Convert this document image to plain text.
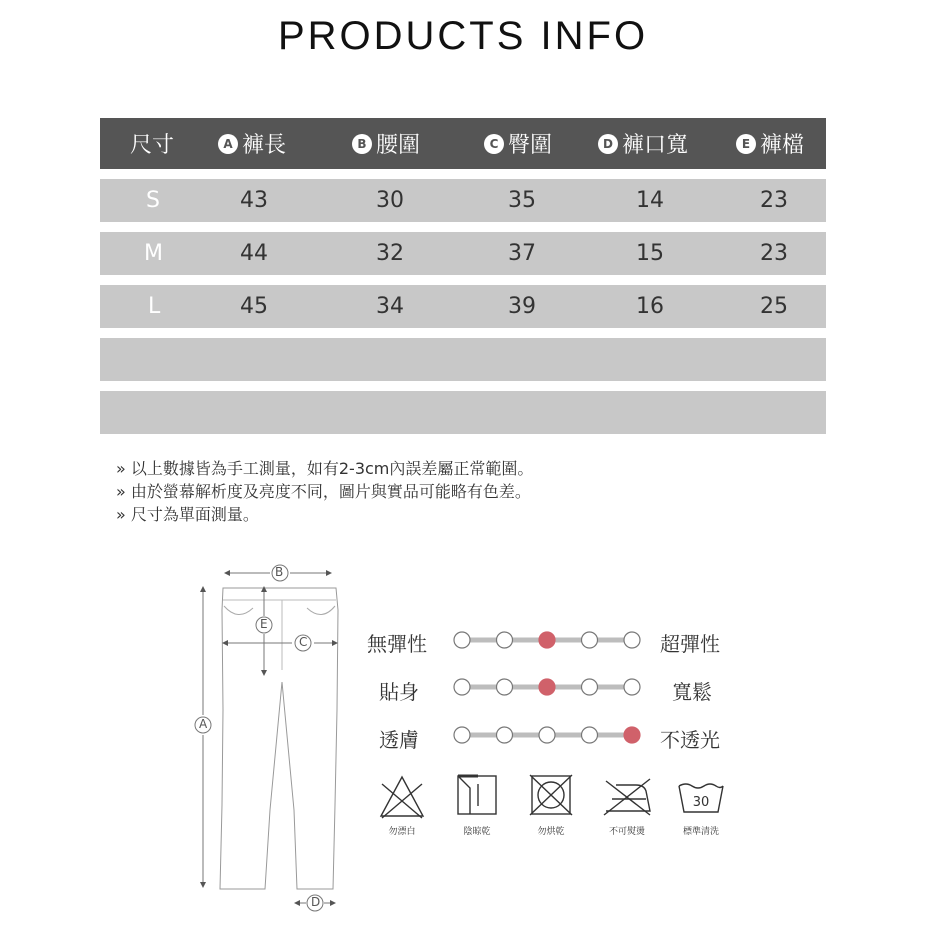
PRODUCTS INFO
尺寸	A 褲長	B 腰圍	C 臀圍	D 褲口寬	E 褲檔
S	43	30	35	14	23
M	44	32	37	15	23
L	45	34	39	16	25
» 以上數據皆為手工測量，如有2-3cm內誤差屬正常範圍。
» 由於螢幕解析度及亮度不同，圖片與實品可能略有色差。
» 尺寸為單面測量。
B
A
E
C
D
無彈性	超彈性
貼身	寬鬆
透膚	不透光
30
勿漂白	陰晾乾	勿烘乾	不可熨燙	標準清洗
